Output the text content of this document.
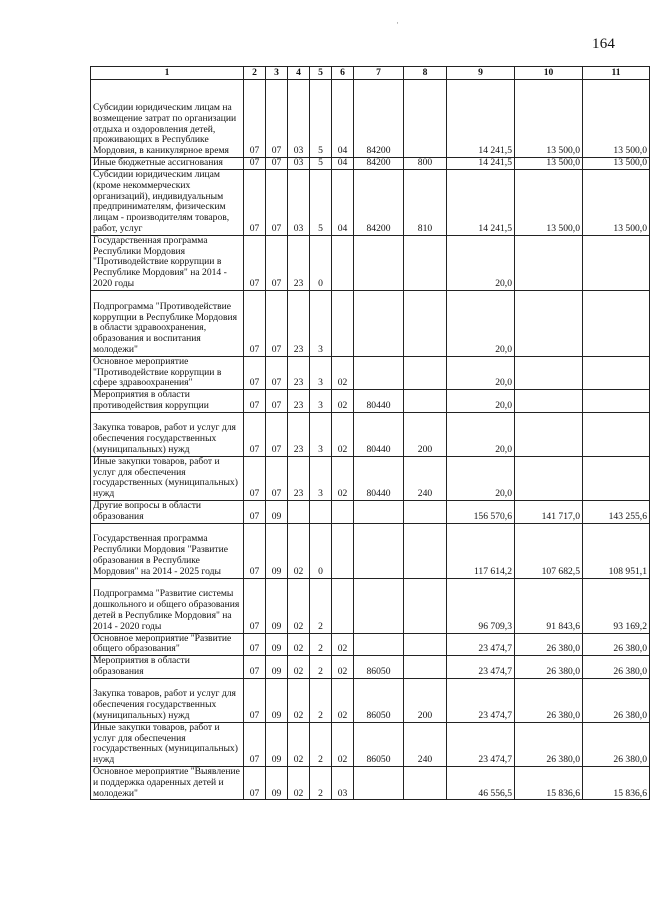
164
·
1	2	3	4	5	6	7	8	9	10	11
Субсидии юридическим лицам на возмещение затрат по организации отдыха и оздоровления детей, проживающих в Республике Мордовия, в каникулярное время	07	07	03	5	04	84200		14 241,5	13 500,0	13 500,0
Иные бюджетные ассигнования	07	07	03	5	04	84200	800	14 241,5	13 500,0	13 500,0
Субсидии юридическим лицам (кроме некоммерческих организаций), индивидуальным предпринимателям, физическим лицам - производителям товаров, работ, услуг	07	07	03	5	04	84200	810	14 241,5	13 500,0	13 500,0
Государственная программа Республики Мордовия "Противодействие коррупции в Республике Мордовия" на 2014 - 2020 годы	07	07	23	0				20,0		
Подпрограмма "Противодействие коррупции в Республике Мордовия в области здравоохранения, образования и воспитания молодежи"	07	07	23	3				20,0		
Основное мероприятие "Противодействие коррупции в сфере здравоохранения"	07	07	23	3	02			20,0		
Мероприятия в области противодействия коррупции	07	07	23	3	02	80440		20,0		
Закупка товаров, работ и услуг для обеспечения государственных (муниципальных) нужд	07	07	23	3	02	80440	200	20,0		
Иные закупки товаров, работ и услуг для обеспечения государственных (муниципальных) нужд	07	07	23	3	02	80440	240	20,0		
Другие вопросы в области образования	07	09						156 570,6	141 717,0	143 255,6
Государственная программа Республики Мордовия "Развитие образования в Республике Мордовия" на 2014 - 2025 годы	07	09	02	0				117 614,2	107 682,5	108 951,1
Подпрограмма "Развитие системы дошкольного и общего образования детей в Республике Мордовия" на 2014 - 2020 годы	07	09	02	2				96 709,3	91 843,6	93 169,2
Основное мероприятие "Развитие общего образования"	07	09	02	2	02			23 474,7	26 380,0	26 380,0
Мероприятия в области образования	07	09	02	2	02	86050		23 474,7	26 380,0	26 380,0
Закупка товаров, работ и услуг для обеспечения государственных (муниципальных) нужд	07	09	02	2	02	86050	200	23 474,7	26 380,0	26 380,0
Иные закупки товаров, работ и услуг для обеспечения государственных (муниципальных) нужд	07	09	02	2	02	86050	240	23 474,7	26 380,0	26 380,0
Основное мероприятие "Выявление и поддержка одаренных детей и молодежи"	07	09	02	2	03			46 556,5	15 836,6	15 836,6
